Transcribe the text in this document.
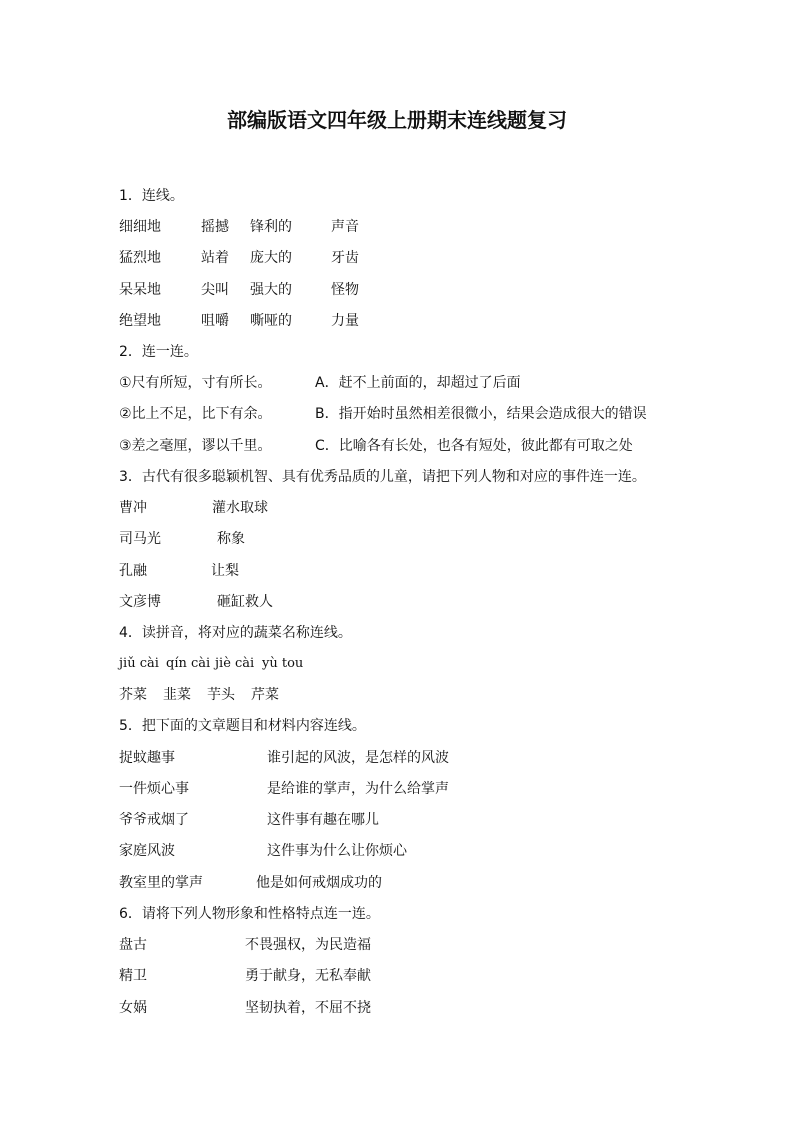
部编版语文四年级上册期末连线题复习
1．连线。
细细地	摇撼 锋利的	声音
猛烈地	站着 庞大的	牙齿
呆呆地	尖叫 强大的	怪物
绝望地	咀嚼 嘶哑的	力量
2．连一连。
①尺有所短，寸有所长。	A．赶不上前面的，却超过了后面
②比上不足，比下有余。	B．指开始时虽然相差很微小，结果会造成很大的错误
③差之毫厘，谬以千里。	C．比喻各有长处，也各有短处，彼此都有可取之处
3．古代有很多聪颖机智、具有优秀品质的儿童，请把下列人物和对应的事件连一连。
曹冲	灌水取球
司马光	称象
孔融	让梨
文彦博	砸缸救人
4．读拼音，将对应的蔬菜名称连线。
jiǔ cài qín cài jiè cài yù tou
芥菜 韭菜 芋头 芹菜
5．把下面的文章题目和材料内容连线。
捉蚊趣事	谁引起的风波，是怎样的风波
一件烦心事	是给谁的掌声，为什么给掌声
爷爷戒烟了	这件事有趣在哪儿
家庭风波	这件事为什么让你烦心
教室里的掌声	他是如何戒烟成功的
6．请将下列人物形象和性格特点连一连。
盘古	不畏强权，为民造福
精卫	勇于献身，无私奉献
女娲	坚韧执着，不屈不挠
